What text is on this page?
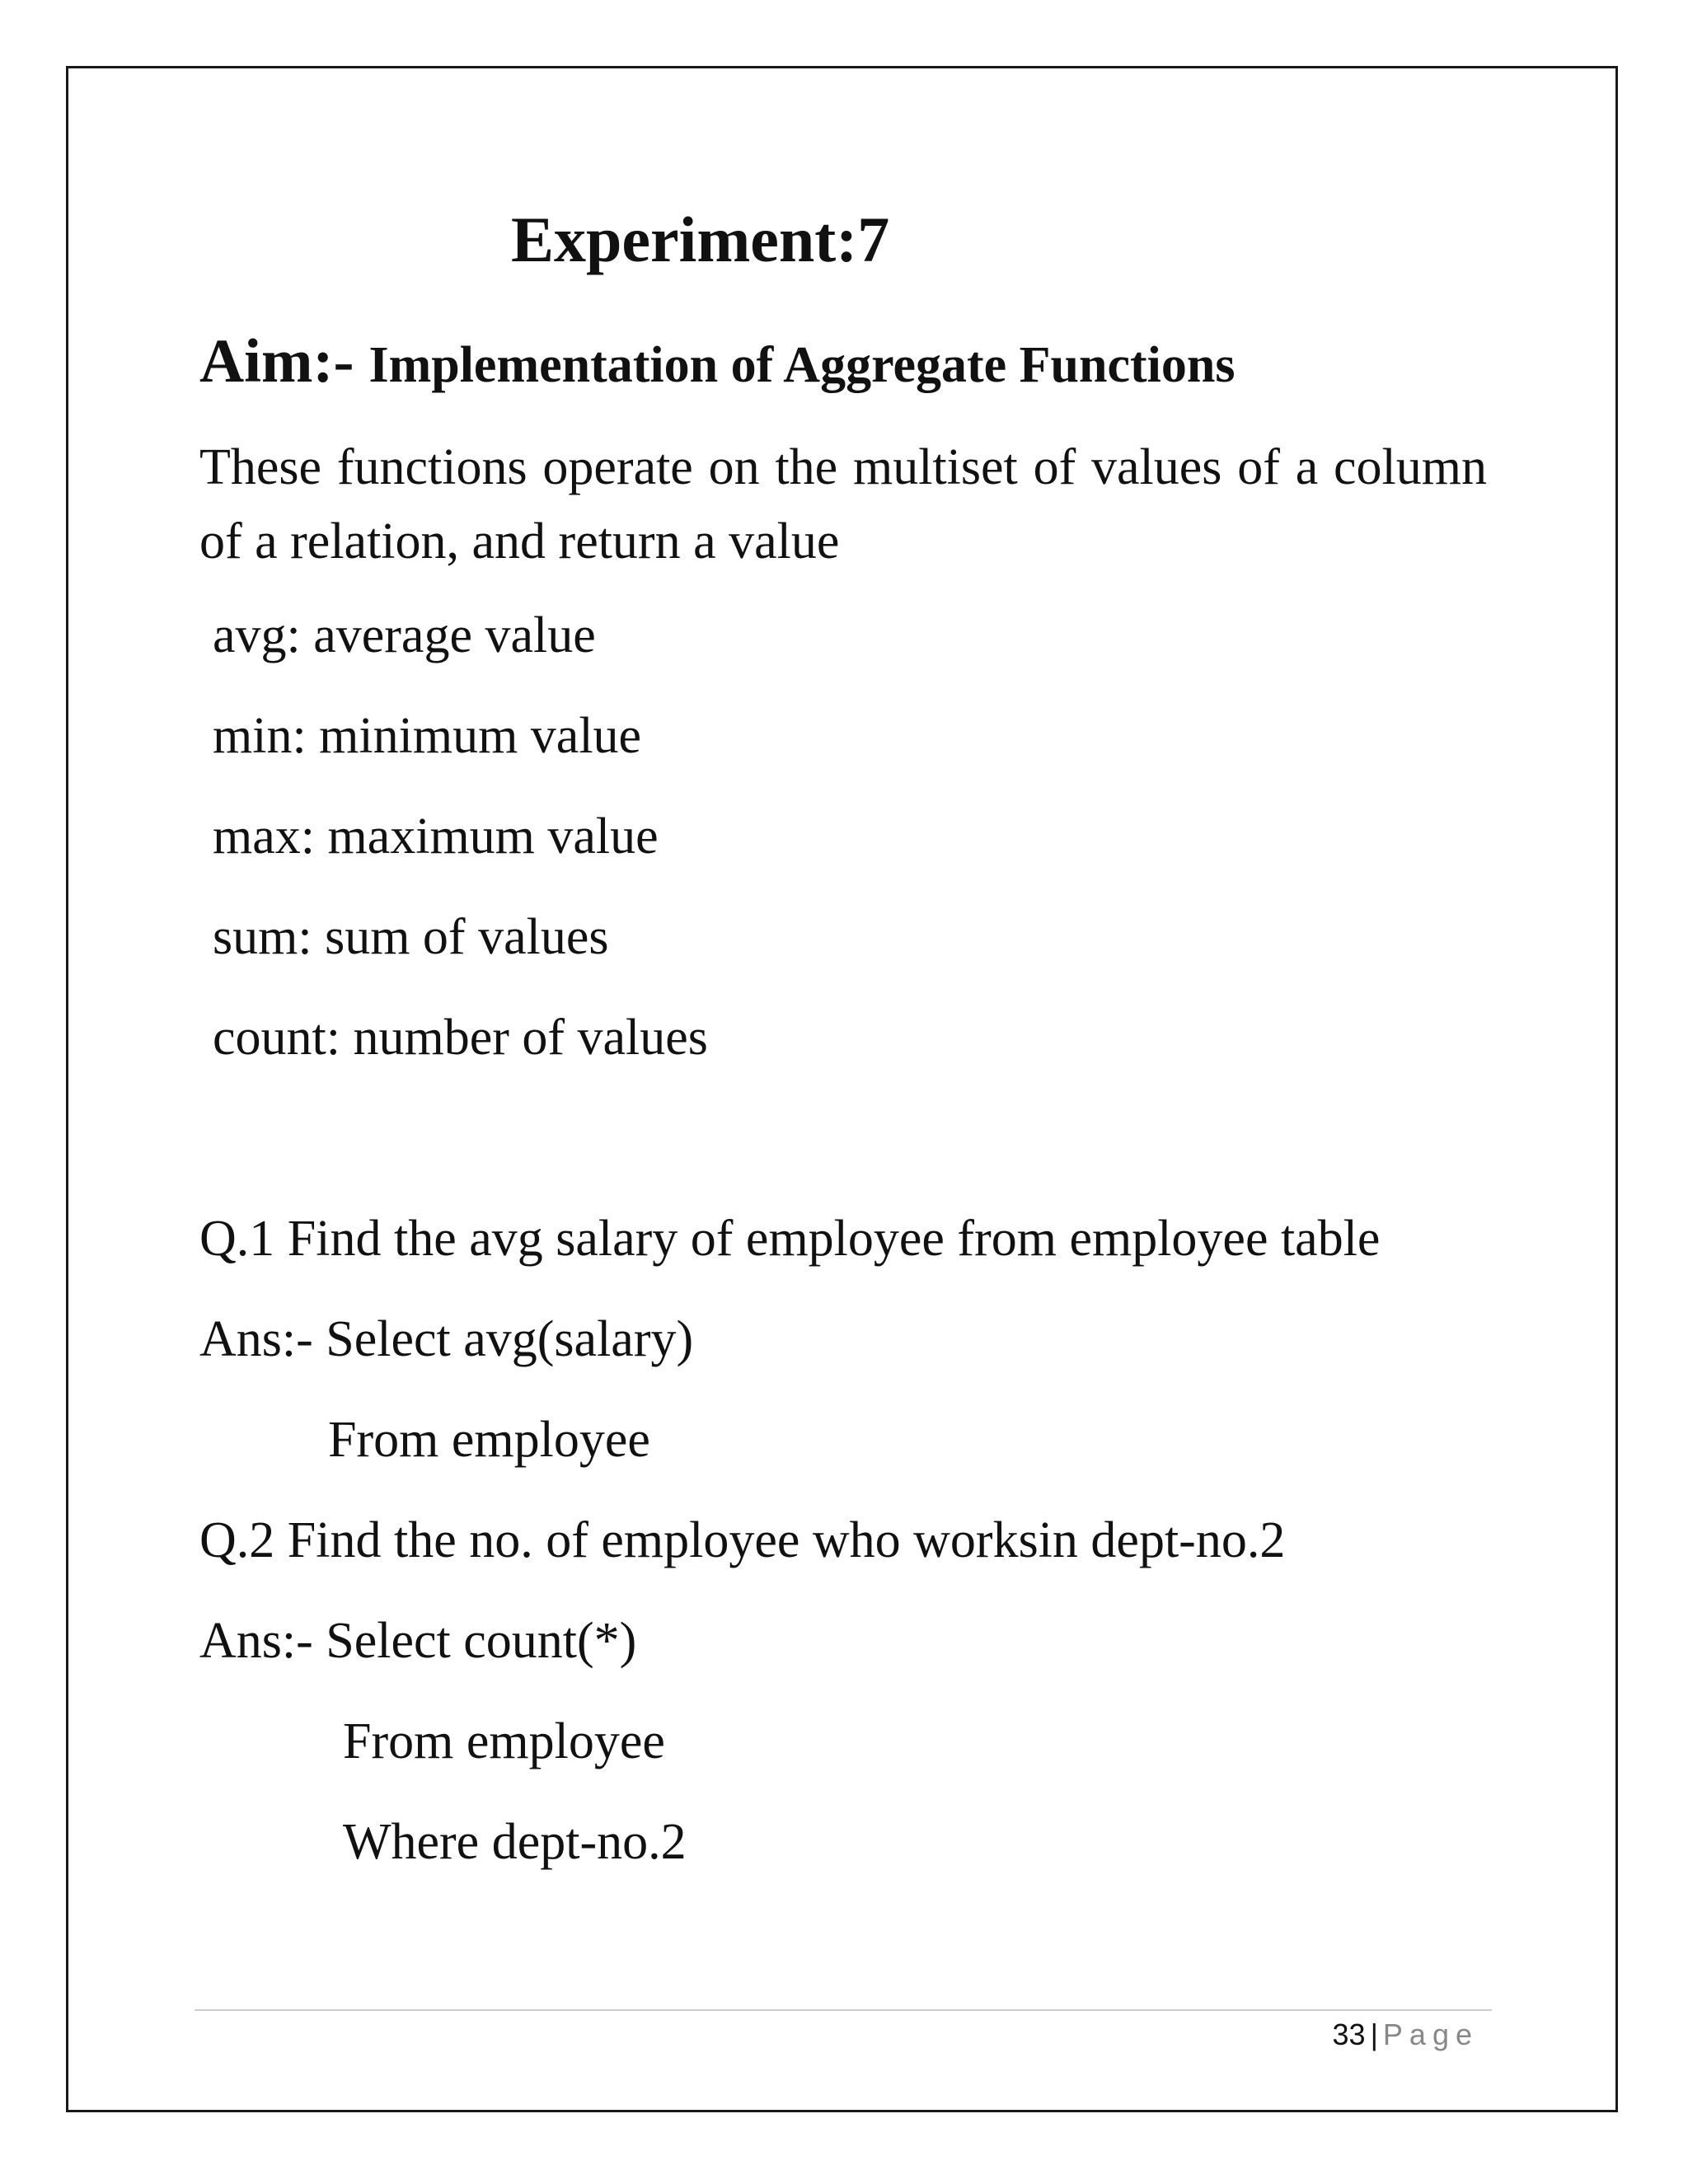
Experiment:7
Aim:- Implementation of Aggregate Functions
These functions operate on the multiset of values of a column of a relation, and return a value
avg: average value
min: minimum value
max: maximum value
sum: sum of values
count: number of values
Q.1 Find the avg salary of employee from employee table
Ans:- Select avg(salary)
From employee
Q.2 Find the no. of employee who worksin dept-no.2
Ans:- Select count(*)
From employee
Where dept-no.2
33 | Page
